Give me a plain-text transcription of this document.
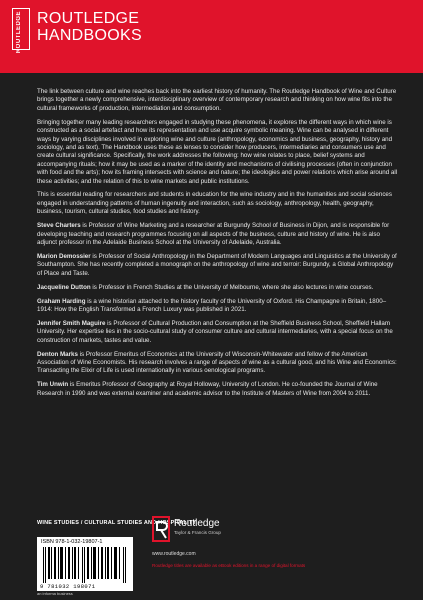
ROUTLEDGE ROUTLEDGE
HANDBOOKS

The link between culture and wine reaches back into the earliest history of humanity. The Routledge Handbook of Wine and Culture brings together a newly comprehensive, interdisciplinary overview of contemporary research and thinking on how wine fits into the cultural frameworks of production, intermediation and consumption.

Bringing together many leading researchers engaged in studying these phenomena, it explores the different ways in which wine is constructed as a social artefact and how its representation and use acquire symbolic meaning. Wine can be analysed in different ways by varying disciplines involved in exploring wine and culture (anthropology, economics and business, geography, history and sociology, and as text). The Handbook uses these as lenses to consider how producers, intermediaries and consumers use and create cultural significance. Specifically, the work addresses the following: how wine relates to place, belief systems and accompanying rituals; how it may be used as a marker of the identity and mechanisms of civilising processes (often in conjunction with food and the arts); how its framing intersects with science and nature; the ideologies and power relations which arise around all these activities; and the relation of this to wine markets and public institutions.

This is essential reading for researchers and students in education for the wine industry and in the humanities and social sciences engaged in understanding patterns of human ingenuity and interaction, such as sociology, anthropology, health, geography, business, tourism, cultural studies, food studies and history.

Steve Charters is Professor of Wine Marketing and a researcher at Burgundy School of Business in Dijon, and is responsible for developing teaching and research programmes focusing on all aspects of the business, culture and history of wine. He is also adjunct professor in the Adelaide Business School at the University of Adelaide, Australia.

Marion Demossier is Professor of Social Anthropology in the Department of Modern Languages and Linguistics at the University of Southampton. She has recently completed a monograph on the anthropology of wine and terroir: Burgundy, a Global Anthropology of Place and Taste.

Jacqueline Dutton is Professor in French Studies at the University of Melbourne, where she also lectures in wine courses.

Graham Harding is a wine historian attached to the history faculty of the University of Oxford. His Champagne in Britain, 1800–1914: How the English Transformed a French Luxury was published in 2021.

Jennifer Smith Maguire is Professor of Cultural Production and Consumption at the Sheffield Business School, Sheffield Hallam University. Her expertise lies in the socio-cultural study of consumer culture and cultural intermediaries, with a special focus on the construction of markets, tastes and value.

Denton Marks is Professor Emeritus of Economics at the University of Wisconsin-Whitewater and fellow of the American Association of Wine Economists. His research involves a range of aspects of wine as a cultural good, and his Wine and Economics: Transacting the Elixir of Life is used internationally in various oenological programs.

Tim Unwin is Emeritus Professor of Geography at Royal Holloway, University of London. He co-founded the Journal of Wine Research in 1990 and was external examiner and academic advisor to the Institute of Masters of Wine from 2004 to 2011.

WINE STUDIES / CULTURAL STUDIES AND HOSPITALITY
ISBN 978-1-032-19807-1
9 781032 198071
an informa business
Routledge
Taylor & Francis Group
www.routledge.com
Routledge titles are available as eBook editions in a range of digital formats
